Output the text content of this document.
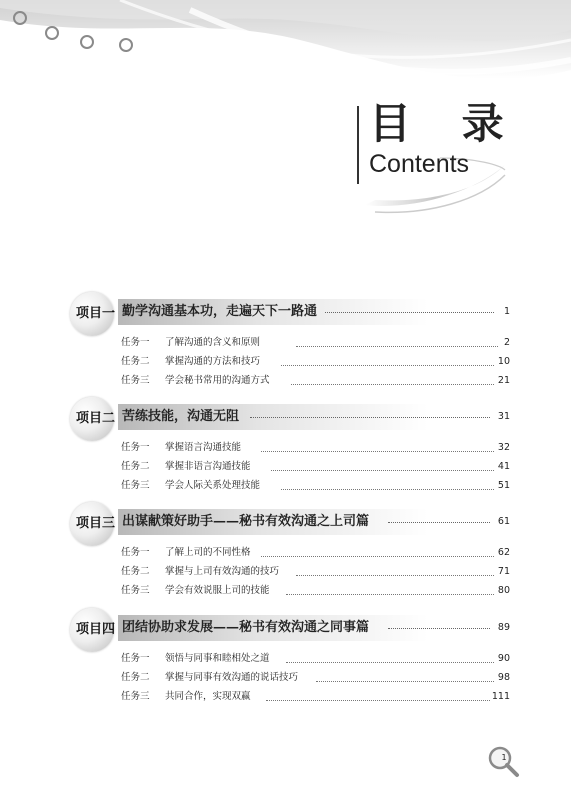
目 录
Contents
项目一 勤学沟通基本功，走遍天下一路通	1
任务一 了解沟通的含义和原则	2
任务二 掌握沟通的方法和技巧	10
任务三 学会秘书常用的沟通方式	21
项目二 苦练技能，沟通无阻	31
任务一 掌握语言沟通技能	32
任务二 掌握非语言沟通技能	41
任务三 学会人际关系处理技能	51
项目三 出谋献策好助手——秘书有效沟通之上司篇	61
任务一 了解上司的不同性格	62
任务二 掌握与上司有效沟通的技巧	71
任务三 学会有效说服上司的技能	80
项目四 团结协助求发展——秘书有效沟通之同事篇	89
任务一 领悟与同事和睦相处之道	90
任务二 掌握与同事有效沟通的说话技巧	98
任务三 共同合作，实现双赢	111
1
